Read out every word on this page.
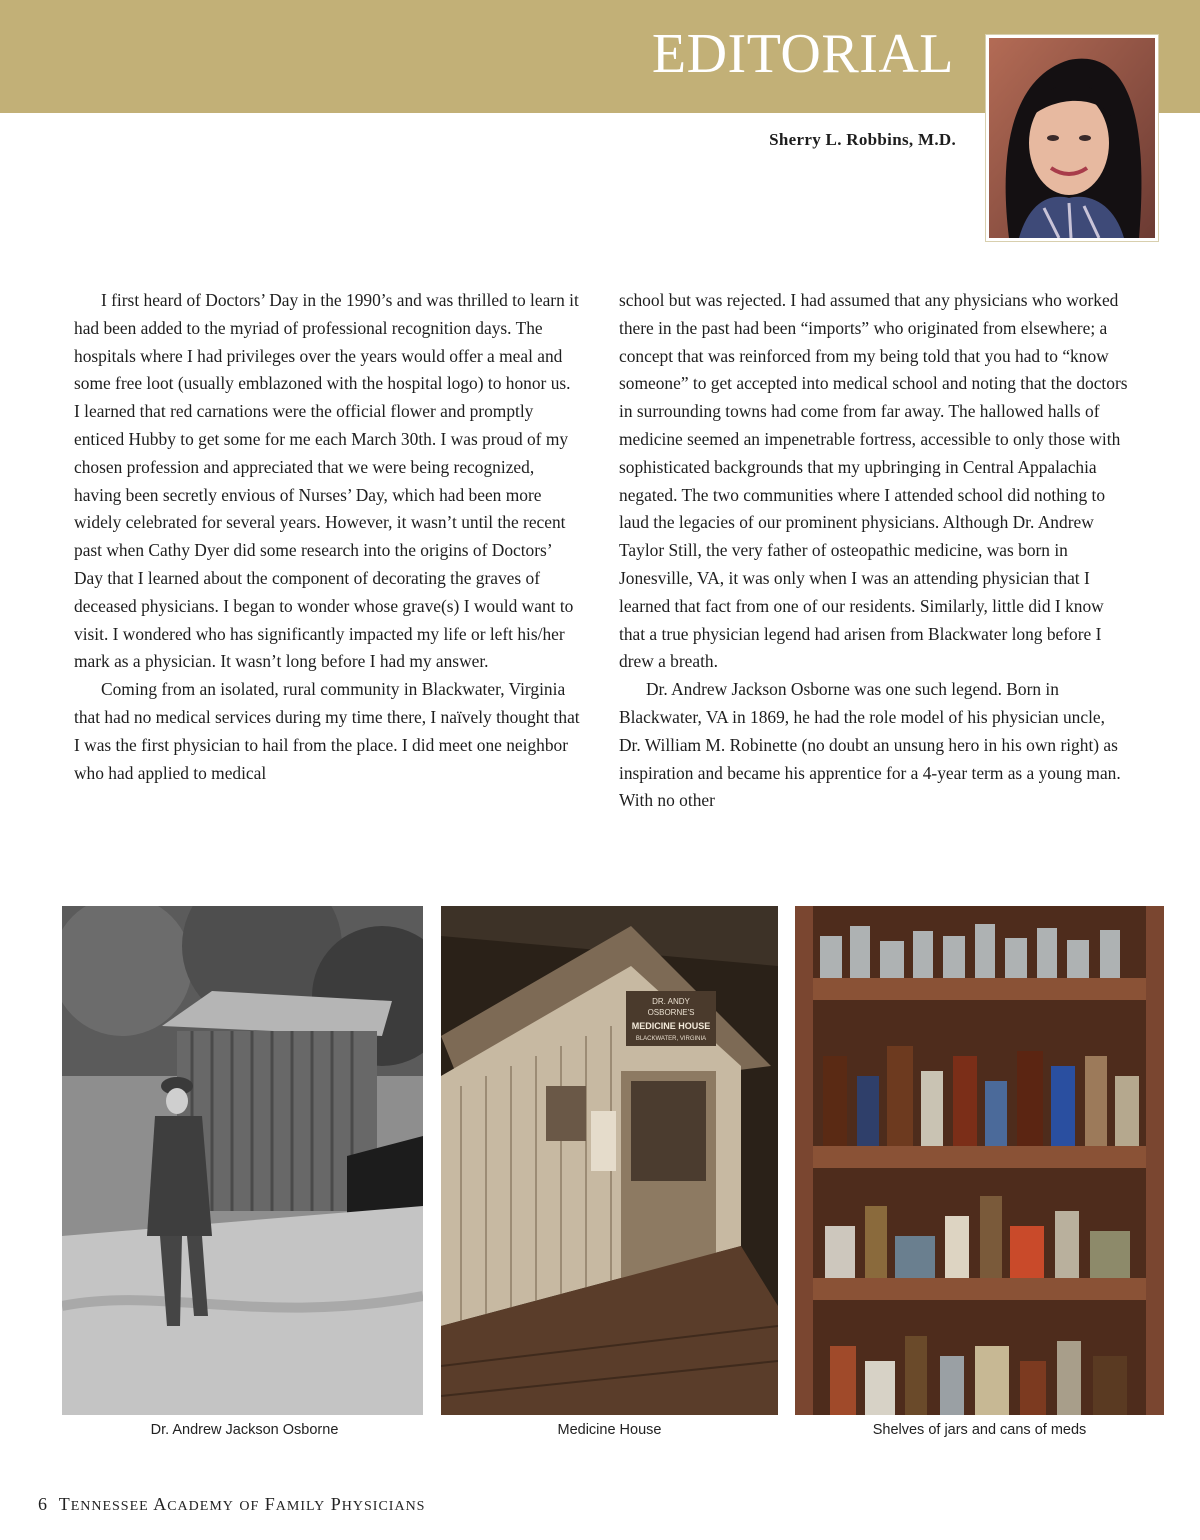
EDITORIAL
Sherry L. Robbins, M.D.

I first heard of Doctors’ Day in the 1990’s and was thrilled to learn it had been added to the myriad of professional recognition days. The hospitals where I had privileges over the years would offer a meal and some free loot (usually emblazoned with the hospital logo) to honor us. I learned that red carnations were the official flower and promptly enticed Hubby to get some for me each March 30th. I was proud of my chosen profession and appreciated that we were being recognized, having been secretly envious of Nurses’ Day, which had been more widely celebrated for several years. However, it wasn’t until the recent past when Cathy Dyer did some research into the origins of Doctors’ Day that I learned about the component of decorating the graves of deceased physicians. I began to wonder whose grave(s) I would want to visit. I wondered who has significantly impacted my life or left his/her mark as a physician. It wasn’t long before I had my answer.

Coming from an isolated, rural community in Blackwater, Virginia that had no medical services during my time there, I naïvely thought that I was the first physician to hail from the place. I did meet one neighbor who had applied to medical

school but was rejected. I had assumed that any physicians who worked there in the past had been “imports” who originated from elsewhere; a concept that was reinforced from my being told that you had to “know someone” to get accepted into medical school and noting that the doctors in surrounding towns had come from far away. The hallowed halls of medicine seemed an impenetrable fortress, accessible to only those with sophisticated backgrounds that my upbringing in Central Appalachia negated. The two communities where I attended school did nothing to laud the legacies of our prominent physicians. Although Dr. Andrew Taylor Still, the very father of osteopathic medicine, was born in Jonesville, VA, it was only when I was an attending physician that I learned that fact from one of our residents. Similarly, little did I know that a true physician legend had arisen from Blackwater long before I drew a breath.

Dr. Andrew Jackson Osborne was one such legend. Born in Blackwater, VA in 1869, he had the role model of his physician uncle, Dr. William M. Robinette (no doubt an unsung hero in his own right) as inspiration and became his apprentice for a 4-year term as a young man. With no other

DR. ANDY
OSBORNE'S
MEDICINE HOUSE
BLACKWATER, VIRGINIA
Dr. Andrew Jackson Osborne	Medicine House	Shelves of jars and cans of meds
6 TENNESSEE ACADEMY OF FAMILY PHYSICIANS
